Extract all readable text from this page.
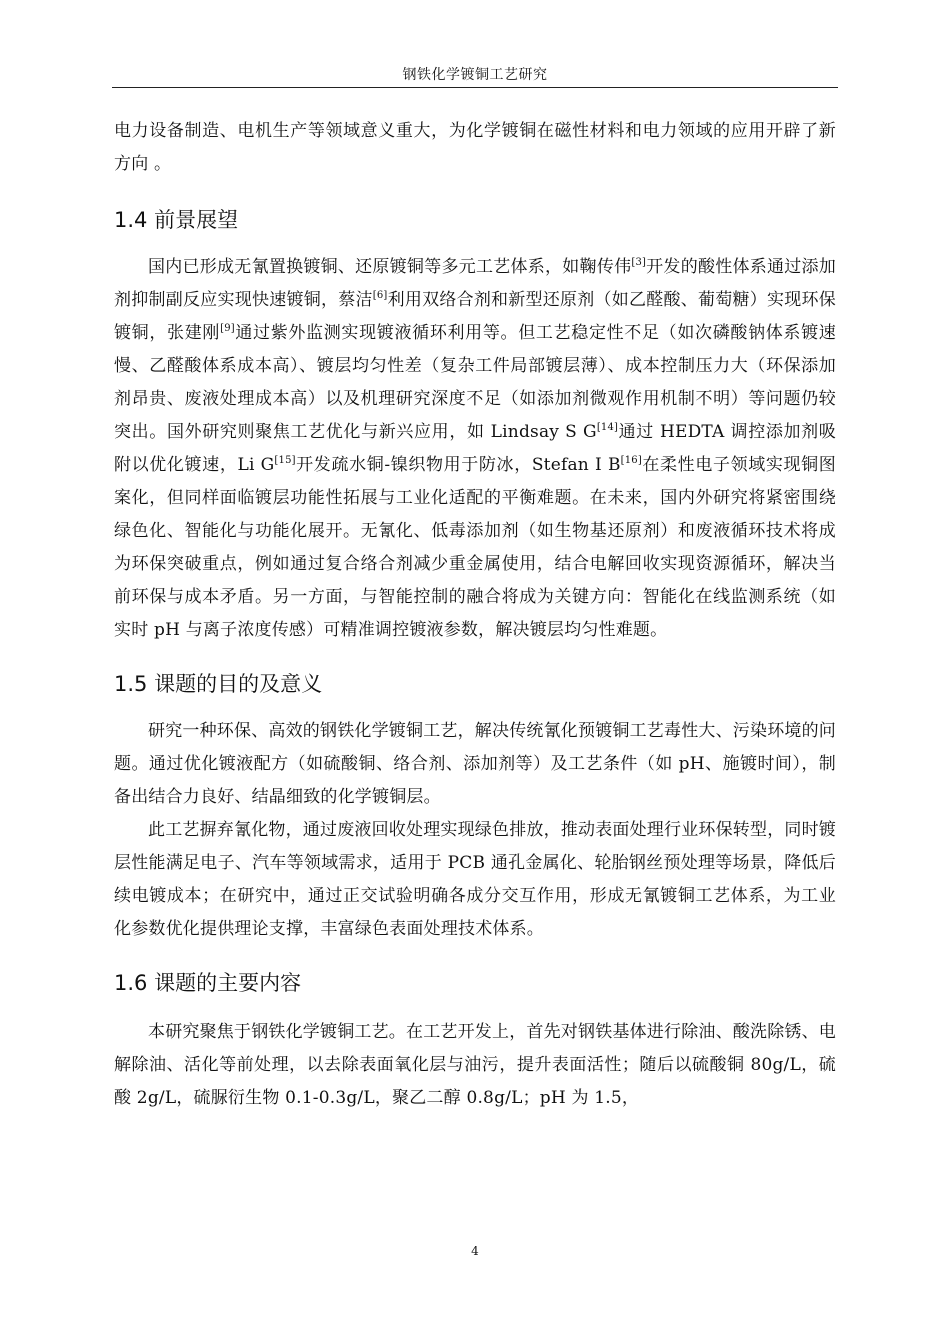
钢铁化学镀铜工艺研究

电力设备制造、电机生产等领域意义重大，为化学镀铜在磁性材料和电力领域的应用开辟了新方向 。

1.4 前景展望

国内已形成无氰置换镀铜、还原镀铜等多元工艺体系，如鞠传伟[3]开发的酸性体系通过添加剂抑制副反应实现快速镀铜，蔡洁[6]利用双络合剂和新型还原剂（如乙醛酸、葡萄糖）实现环保镀铜，张建刚[9]通过紫外监测实现镀液循环利用等。但工艺稳定性不足（如次磷酸钠体系镀速慢、乙醛酸体系成本高）、镀层均匀性差（复杂工件局部镀层薄）、成本控制压力大（环保添加剂昂贵、废液处理成本高）以及机理研究深度不足（如添加剂微观作用机制不明）等问题仍较突出。国外研究则聚焦工艺优化与新兴应用，如 Lindsay S G[14]通过 HEDTA 调控添加剂吸附以优化镀速，Li G[15]开发疏水铜-镍织物用于防冰，Stefan I B[16]在柔性电子领域实现铜图案化，但同样面临镀层功能性拓展与工业化适配的平衡难题。在未来，国内外研究将紧密围绕绿色化、智能化与功能化展开。无氰化、低毒添加剂（如生物基还原剂）和废液循环技术将成为环保突破重点，例如通过复合络合剂减少重金属使用，结合电解回收实现资源循环，解决当前环保与成本矛盾。另一方面，与智能控制的融合将成为关键方向：智能化在线监测系统（如实时 pH 与离子浓度传感）可精准调控镀液参数，解决镀层均匀性难题。

1.5 课题的目的及意义

研究一种环保、高效的钢铁化学镀铜工艺，解决传统氰化预镀铜工艺毒性大、污染环境的问题。通过优化镀液配方（如硫酸铜、络合剂、添加剂等）及工艺条件（如 pH、施镀时间），制备出结合力良好、结晶细致的化学镀铜层。

此工艺摒弃氰化物，通过废液回收处理实现绿色排放，推动表面处理行业环保转型，同时镀层性能满足电子、汽车等领域需求，适用于 PCB 通孔金属化、轮胎钢丝预处理等场景，降低后续电镀成本；在研究中，通过正交试验明确各成分交互作用，形成无氰镀铜工艺体系，为工业化参数优化提供理论支撑，丰富绿色表面处理技术体系。

1.6 课题的主要内容

本研究聚焦于钢铁化学镀铜工艺。在工艺开发上，首先对钢铁基体进行除油、酸洗除锈、电解除油、活化等前处理，以去除表面氧化层与油污，提升表面活性；随后以硫酸铜 80g/L，硫酸 2g/L，硫脲衍生物 0.1-0.3g/L，聚乙二醇 0.8g/L；pH 为 1.5，

4
